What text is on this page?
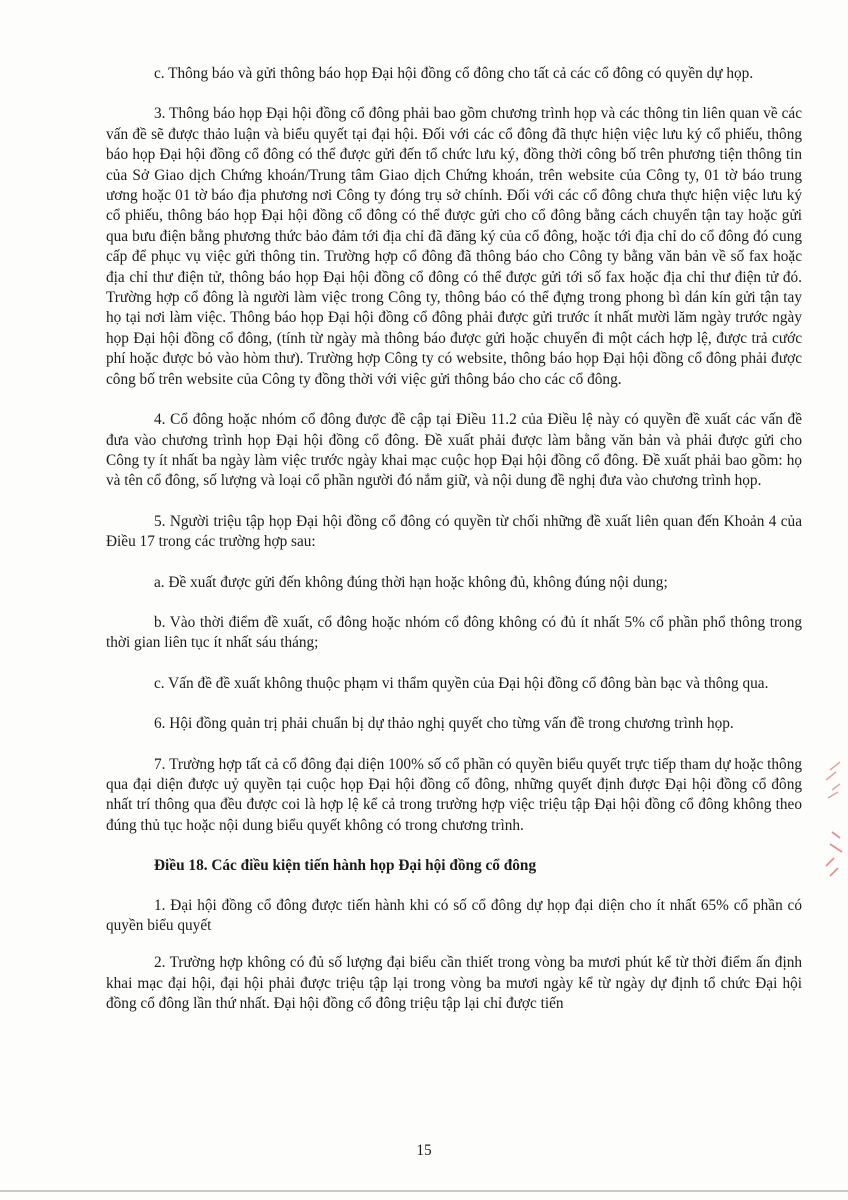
c. Thông báo và gửi thông báo họp Đại hội đồng cổ đông cho tất cả các cổ đông có quyền dự họp.

3. Thông báo họp Đại hội đồng cổ đông phải bao gồm chương trình họp và các thông tin liên quan về các vấn đề sẽ được thảo luận và biểu quyết tại đại hội. Đối với các cổ đông đã thực hiện việc lưu ký cổ phiếu, thông báo họp Đại hội đồng cổ đông có thể được gửi đến tổ chức lưu ký, đồng thời công bố trên phương tiện thông tin của Sở Giao dịch Chứng khoán/Trung tâm Giao dịch Chứng khoán, trên website của Công ty, 01 tờ báo trung ương hoặc 01 tờ báo địa phương nơi Công ty đóng trụ sở chính. Đối với các cổ đông chưa thực hiện việc lưu ký cổ phiếu, thông báo họp Đại hội đồng cổ đông có thể được gửi cho cổ đông bằng cách chuyển tận tay hoặc gửi qua bưu điện bằng phương thức bảo đảm tới địa chỉ đã đăng ký của cổ đông, hoặc tới địa chỉ do cổ đông đó cung cấp để phục vụ việc gửi thông tin. Trường hợp cổ đông đã thông báo cho Công ty bằng văn bản về số fax hoặc địa chỉ thư điện tử, thông báo họp Đại hội đồng cổ đông có thể được gửi tới số fax hoặc địa chỉ thư điện tử đó. Trường hợp cổ đông là người làm việc trong Công ty, thông báo có thể đựng trong phong bì dán kín gửi tận tay họ tại nơi làm việc. Thông báo họp Đại hội đồng cổ đông phải được gửi trước ít nhất mười lăm ngày trước ngày họp Đại hội đồng cổ đông, (tính từ ngày mà thông báo được gửi hoặc chuyển đi một cách hợp lệ, được trả cước phí hoặc được bỏ vào hòm thư). Trường hợp Công ty có website, thông báo họp Đại hội đồng cổ đông phải được công bố trên website của Công ty đồng thời với việc gửi thông báo cho các cổ đông.

4. Cổ đông hoặc nhóm cổ đông được đề cập tại Điều 11.2 của Điều lệ này có quyền đề xuất các vấn đề đưa vào chương trình họp Đại hội đồng cổ đông. Đề xuất phải được làm bằng văn bản và phải được gửi cho Công ty ít nhất ba ngày làm việc trước ngày khai mạc cuộc họp Đại hội đồng cổ đông. Đề xuất phải bao gồm: họ và tên cổ đông, số lượng và loại cổ phần người đó nắm giữ, và nội dung đề nghị đưa vào chương trình họp.

5. Người triệu tập họp Đại hội đồng cổ đông có quyền từ chối những đề xuất liên quan đến Khoản 4 của Điều 17 trong các trường hợp sau:

a. Đề xuất được gửi đến không đúng thời hạn hoặc không đủ, không đúng nội dung;

b. Vào thời điểm đề xuất, cổ đông hoặc nhóm cổ đông không có đủ ít nhất 5% cổ phần phổ thông trong thời gian liên tục ít nhất sáu tháng;

c. Vấn đề đề xuất không thuộc phạm vi thẩm quyền của Đại hội đồng cổ đông bàn bạc và thông qua.

6. Hội đồng quản trị phải chuẩn bị dự thảo nghị quyết cho từng vấn đề trong chương trình họp.

7. Trường hợp tất cả cổ đông đại diện 100% số cổ phần có quyền biểu quyết trực tiếp tham dự hoặc thông qua đại diện được uỷ quyền tại cuộc họp Đại hội đồng cổ đông, những quyết định được Đại hội đồng cổ đông nhất trí thông qua đều được coi là hợp lệ kể cả trong trường hợp việc triệu tập Đại hội đồng cổ đông không theo đúng thủ tục hoặc nội dung biểu quyết không có trong chương trình.

Điều 18. Các điều kiện tiến hành họp Đại hội đồng cổ đông

1. Đại hội đồng cổ đông được tiến hành khi có số cổ đông dự họp đại diện cho ít nhất 65% cổ phần có quyền biểu quyết

2. Trường hợp không có đủ số lượng đại biểu cần thiết trong vòng ba mươi phút kể từ thời điểm ấn định khai mạc đại hội, đại hội phải được triệu tập lại trong vòng ba mươi ngày kể từ ngày dự định tổ chức Đại hội đồng cổ đông lần thứ nhất. Đại hội đồng cổ đông triệu tập lại chỉ được tiến

15
